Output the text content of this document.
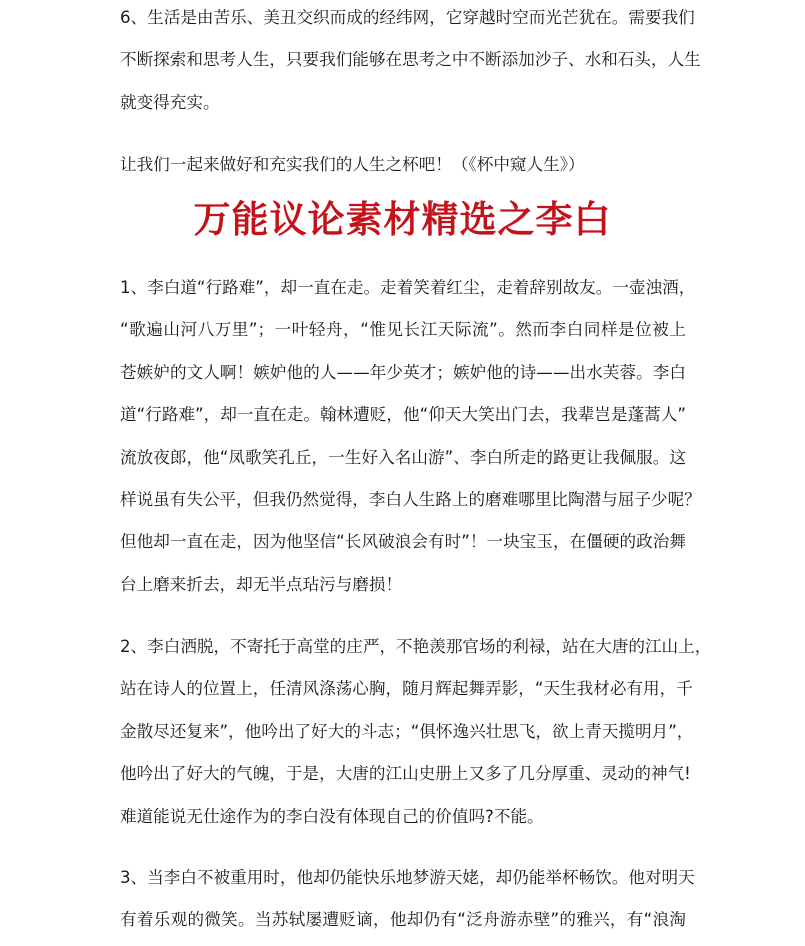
6、生活是由苦乐、美丑交织而成的经纬网，它穿越时空而光芒犹在。需要我们
不断探索和思考人生，只要我们能够在思考之中不断添加沙子、水和石头，人生
就变得充实。
让我们一起来做好和充实我们的人生之杯吧！（《杯中窥人生》）
万能议论素材精选之李白
1、李白道“行路难”，却一直在走。走着笑着红尘，走着辞别故友。一壶浊酒，
“歌遍山河八万里”；一叶轻舟，“惟见长江天际流”。然而李白同样是位被上
苍嫉妒的文人啊！嫉妒他的人——年少英才；嫉妒他的诗——出水芙蓉。李白
道“行路难”，却一直在走。翰林遭贬，他“仰天大笑出门去，我辈岂是蓬蒿人”
流放夜郎，他“凤歌笑孔丘，一生好入名山游”、李白所走的路更让我佩服。这
样说虽有失公平，但我仍然觉得，李白人生路上的磨难哪里比陶潜与屈子少呢？
但他却一直在走，因为他坚信“长风破浪会有时”！一块宝玉，在僵硬的政治舞
台上磨来折去，却无半点玷污与磨损！
2、李白洒脱，不寄托于高堂的庄严，不艳羡那官场的利禄，站在大唐的江山上，
站在诗人的位置上，任清风涤荡心胸，随月辉起舞弄影，“天生我材必有用，千
金散尽还复来”，他吟出了好大的斗志；“俱怀逸兴壮思飞，欲上青天揽明月”，
他吟出了好大的气魄，于是，大唐的江山史册上又多了几分厚重、灵动的神气!
难道能说无仕途作为的李白没有体现自己的价值吗?不能。
3、当李白不被重用时，他却仍能快乐地梦游天姥，却仍能举杯畅饮。他对明天
有着乐观的微笑。当苏轼屡遭贬谪，他却仍有“泛舟游赤壁”的雅兴，有“浪淘
